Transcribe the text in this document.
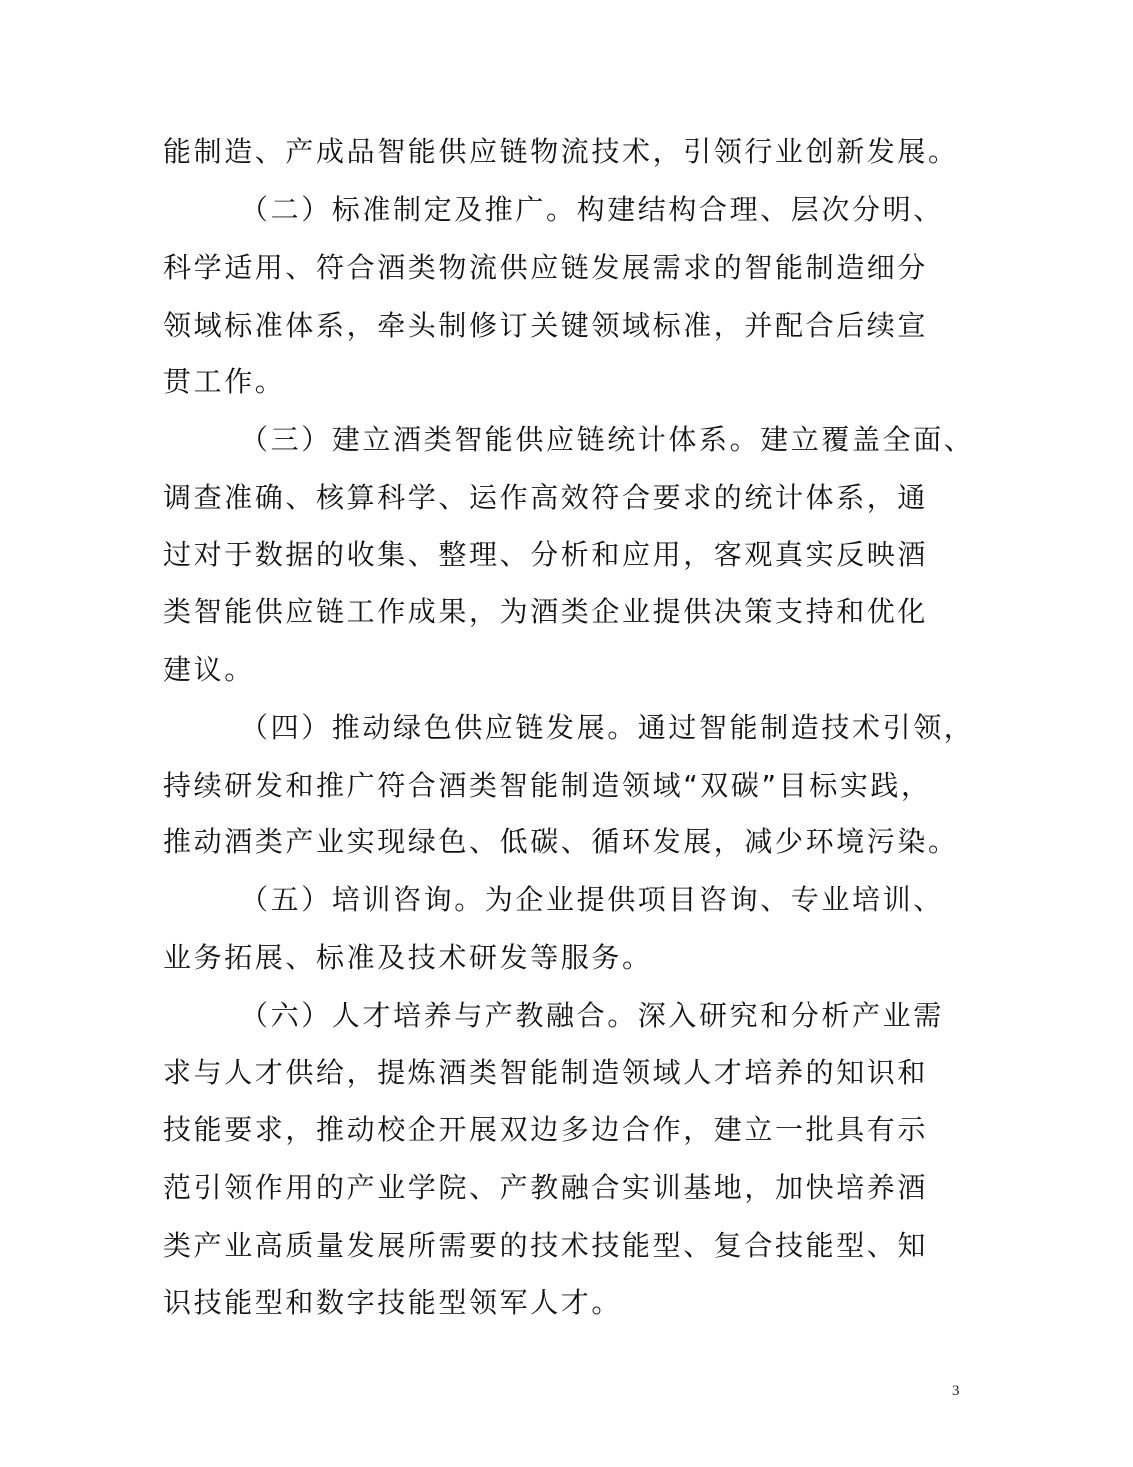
能制造、产成品智能供应链物流技术，引领行业创新发展。
（二）标准制定及推广。构建结构合理、层次分明、
科学适用、符合酒类物流供应链发展需求的智能制造细分
领域标准体系，牵头制修订关键领域标准，并配合后续宣
贯工作。
（三）建立酒类智能供应链统计体系。建立覆盖全面、
调查准确、核算科学、运作高效符合要求的统计体系，通
过对于数据的收集、整理、分析和应用，客观真实反映酒
类智能供应链工作成果，为酒类企业提供决策支持和优化
建议。
（四）推动绿色供应链发展。通过智能制造技术引领，
持续研发和推广符合酒类智能制造领域“双碳”目标实践，
推动酒类产业实现绿色、低碳、循环发展，减少环境污染。
（五）培训咨询。为企业提供项目咨询、专业培训、
业务拓展、标准及技术研发等服务。
（六）人才培养与产教融合。深入研究和分析产业需
求与人才供给，提炼酒类智能制造领域人才培养的知识和
技能要求，推动校企开展双边多边合作，建立一批具有示
范引领作用的产业学院、产教融合实训基地，加快培养酒
类产业高质量发展所需要的技术技能型、复合技能型、知
识技能型和数字技能型领军人才。
3
